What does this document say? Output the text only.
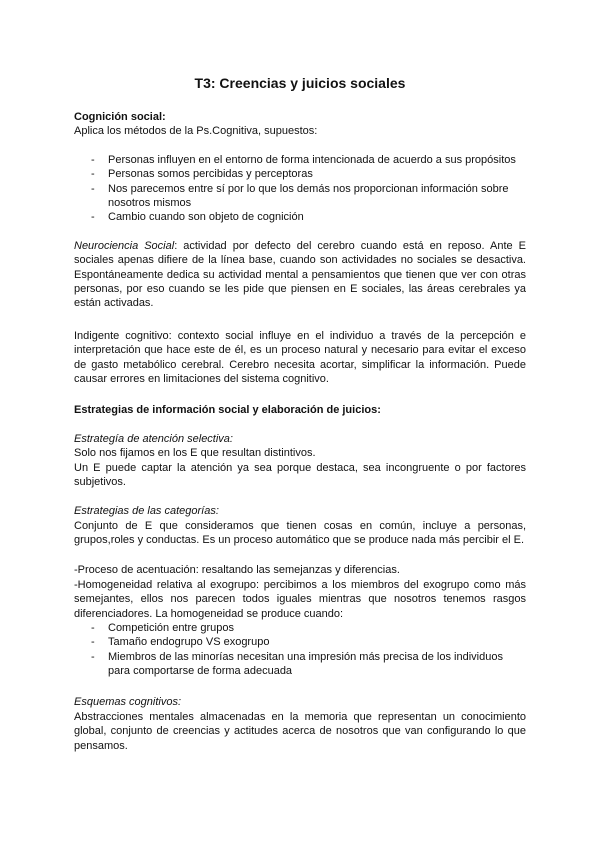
T3: Creencias y juicios sociales

Cognición social:

Aplica los métodos de la Ps.Cognitiva, supuestos:

- Personas influyen en el entorno de forma intencionada de acuerdo a sus propósitos
- Personas somos percibidas y perceptoras
- Nos parecemos entre sí por lo que los demás nos proporcionan información sobre nosotros mismos
- Cambio cuando son objeto de cognición

Neurociencia Social: actividad por defecto del cerebro cuando está en reposo. Ante E sociales apenas difiere de la línea base, cuando son actividades no sociales se desactiva. Espontáneamente dedica su actividad mental a pensamientos que tienen que ver con otras personas, por eso cuando se les pide que piensen en E sociales, las áreas cerebrales ya están activadas.

Indigente cognitivo: contexto social influye en el individuo a través de la percepción e interpretación que hace este de él, es un proceso natural y necesario para evitar el exceso de gasto metabólico cerebral. Cerebro necesita acortar, simplificar la información. Puede causar errores en limitaciones del sistema cognitivo.

Estrategias de información social y elaboración de juicios:

Estrategía de atención selectiva:

Solo nos fijamos en los E que resultan distintivos.

Un E puede captar la atención ya sea porque destaca, sea incongruente o por factores subjetivos.

Estrategias de las categorías:

Conjunto de E que consideramos que tienen cosas en común, incluye a personas, grupos,roles y conductas. Es un proceso automático que se produce nada más percibir el E.

-Proceso de acentuación: resaltando las semejanzas y diferencias.

-Homogeneidad relativa al exogrupo: percibimos a los miembros del exogrupo como más semejantes, ellos nos parecen todos iguales mientras que nosotros tenemos rasgos diferenciadores. La homogeneidad se produce cuando:

- Competición entre grupos
- Tamaño endogrupo VS exogrupo
- Miembros de las minorías necesitan una impresión más precisa de los individuos para comportarse de forma adecuada

Esquemas cognitivos:

Abstracciones mentales almacenadas en la memoria que representan un conocimiento global, conjunto de creencias y actitudes acerca de nosotros que van configurando lo que pensamos.
